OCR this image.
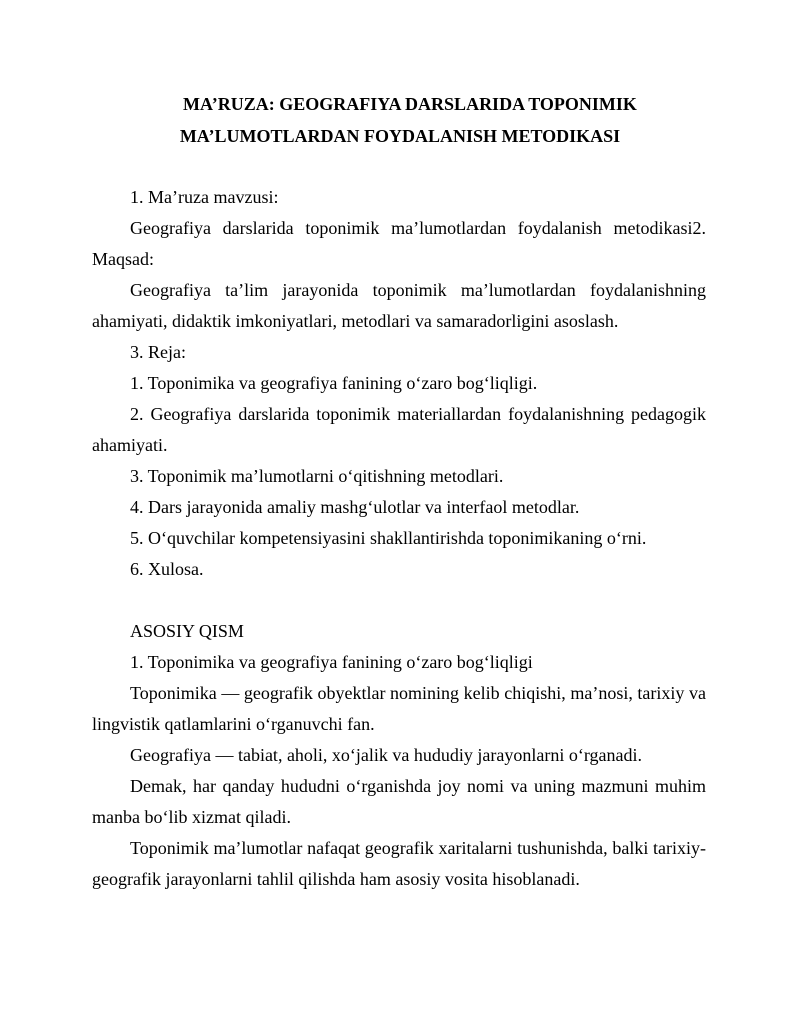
MA’RUZA: GEOGRAFIYA DARSLARIDA TOPONIMIK
MA’LUMOTLARDAN FOYDALANISH METODIKASI

1. Ma’ruza mavzusi:

Geografiya darslarida toponimik ma’lumotlardan foydalanish metodikasi2. Maqsad:

Geografiya ta’lim jarayonida toponimik ma’lumotlardan foydalanishning ahamiyati, didaktik imkoniyatlari, metodlari va samaradorligini asoslash.

3. Reja:

1. Toponimika va geografiya fanining o‘zaro bog‘liqligi.

2. Geografiya darslarida toponimik materiallardan foydalanishning pedagogik ahamiyati.

3. Toponimik ma’lumotlarni o‘qitishning metodlari.

4. Dars jarayonida amaliy mashg‘ulotlar va interfaol metodlar.

5. O‘quvchilar kompetensiyasini shakllantirishda toponimikaning o‘rni.

6. Xulosa.

ASOSIY QISM

1. Toponimika va geografiya fanining o‘zaro bog‘liqligi

Toponimika — geografik obyektlar nomining kelib chiqishi, ma’nosi, tarixiy va lingvistik qatlamlarini o‘rganuvchi fan.

Geografiya — tabiat, aholi, xo‘jalik va hududiy jarayonlarni o‘rganadi.

Demak, har qanday hududni o‘rganishda joy nomi va uning mazmuni muhim manba bo‘lib xizmat qiladi.

Toponimik ma’lumotlar nafaqat geografik xaritalarni tushunishda, balki tarixiy-geografik jarayonlarni tahlil qilishda ham asosiy vosita hisoblanadi.
